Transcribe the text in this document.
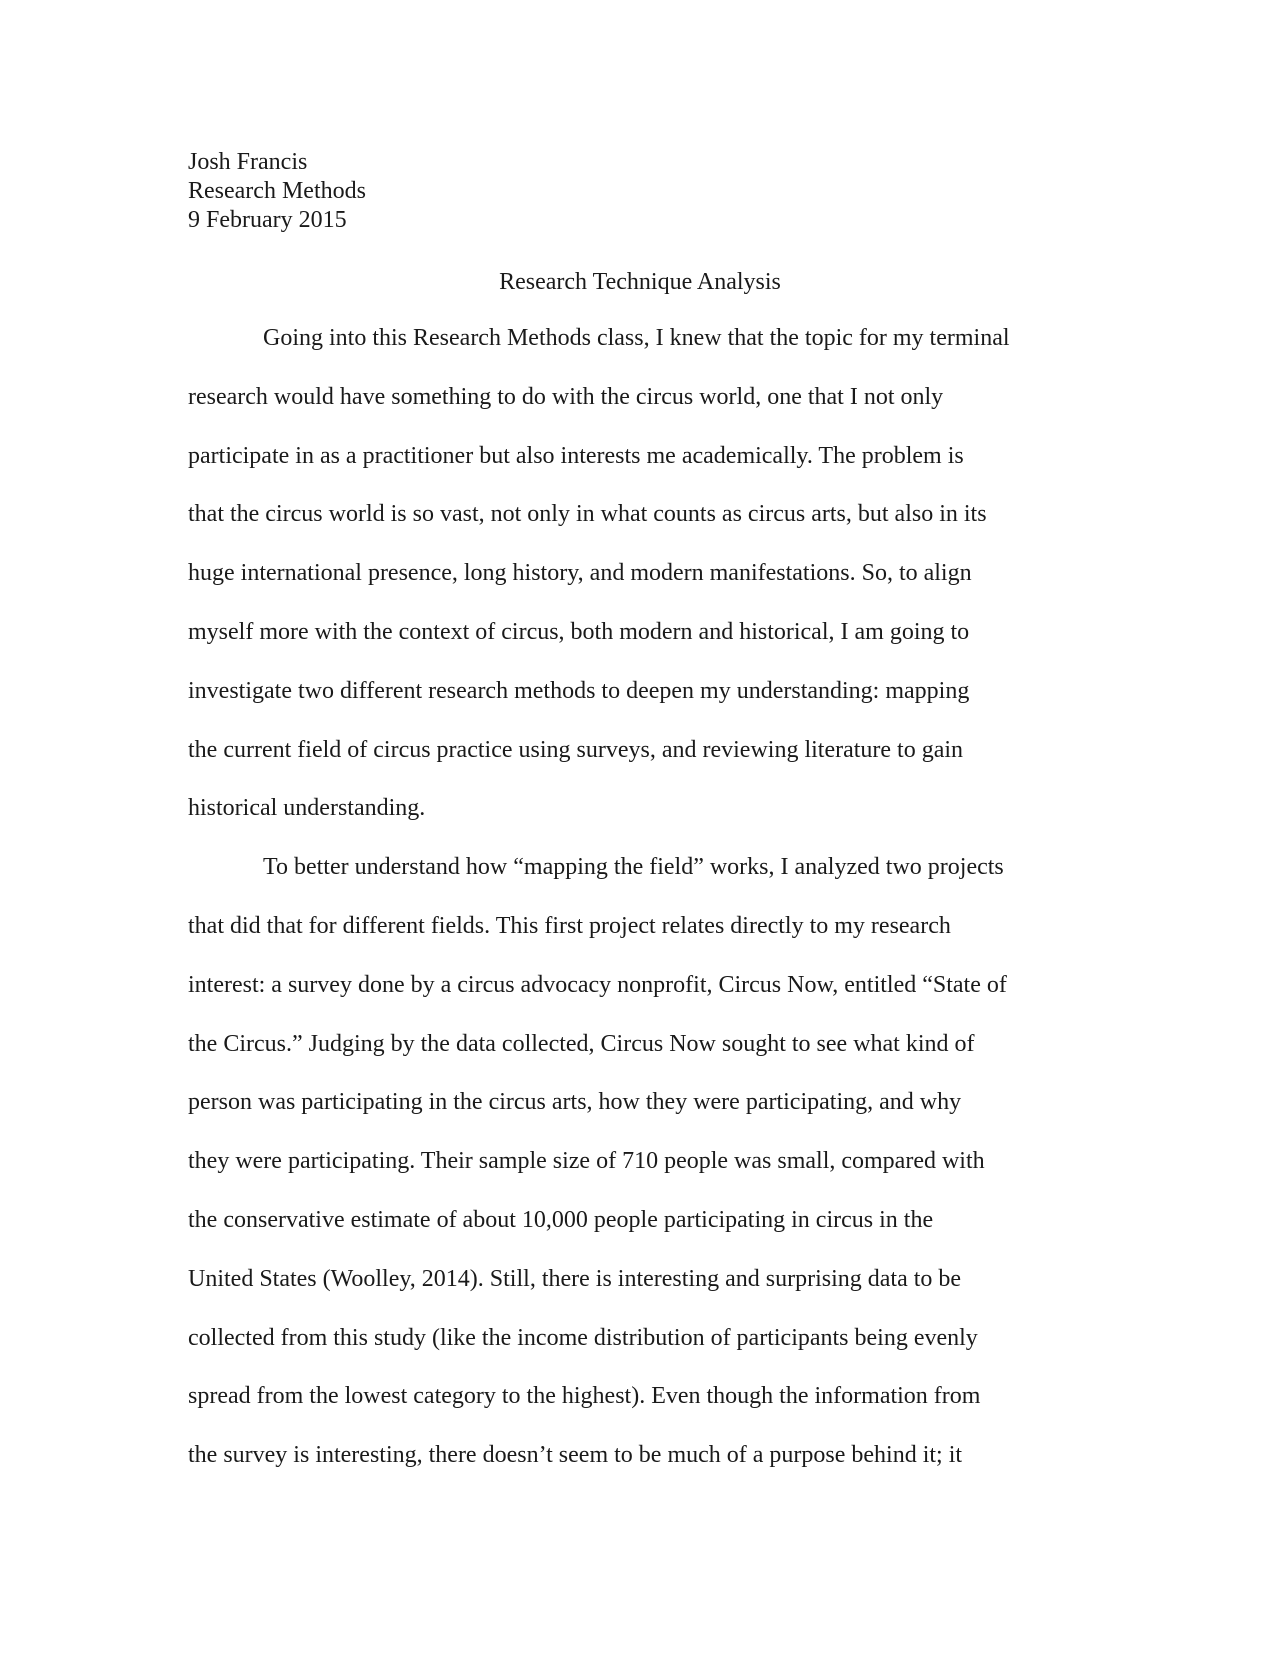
Josh Francis
Research Methods
9 February 2015
Research Technique Analysis
Going into this Research Methods class, I knew that the topic for my terminal
research would have something to do with the circus world, one that I not only
participate in as a practitioner but also interests me academically. The problem is
that the circus world is so vast, not only in what counts as circus arts, but also in its
huge international presence, long history, and modern manifestations. So, to align
myself more with the context of circus, both modern and historical, I am going to
investigate two different research methods to deepen my understanding: mapping
the current field of circus practice using surveys, and reviewing literature to gain
historical understanding.
To better understand how “mapping the field” works, I analyzed two projects
that did that for different fields. This first project relates directly to my research
interest: a survey done by a circus advocacy nonprofit, Circus Now, entitled “State of
the Circus.” Judging by the data collected, Circus Now sought to see what kind of
person was participating in the circus arts, how they were participating, and why
they were participating. Their sample size of 710 people was small, compared with
the conservative estimate of about 10,000 people participating in circus in the
United States (Woolley, 2014). Still, there is interesting and surprising data to be
collected from this study (like the income distribution of participants being evenly
spread from the lowest category to the highest). Even though the information from
the survey is interesting, there doesn’t seem to be much of a purpose behind it; it
